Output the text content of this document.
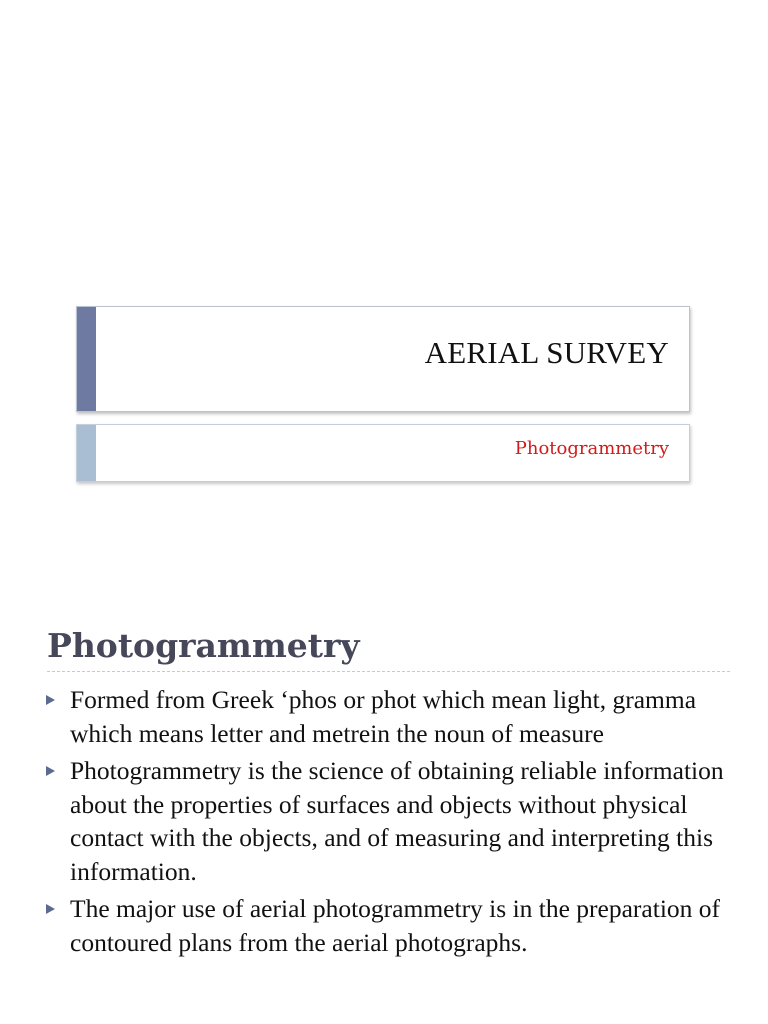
AERIAL SURVEY
Photogrammetry
Photogrammetry
Formed from Greek ‘phos or phot which mean light, gramma which means letter and metrein the noun of measure
Photogrammetry is the science of obtaining reliable information about the properties of surfaces and objects without physical contact with the objects, and of measuring and interpreting this information.
The major use of aerial photogrammetry is in the preparation of contoured plans from the aerial photographs.
